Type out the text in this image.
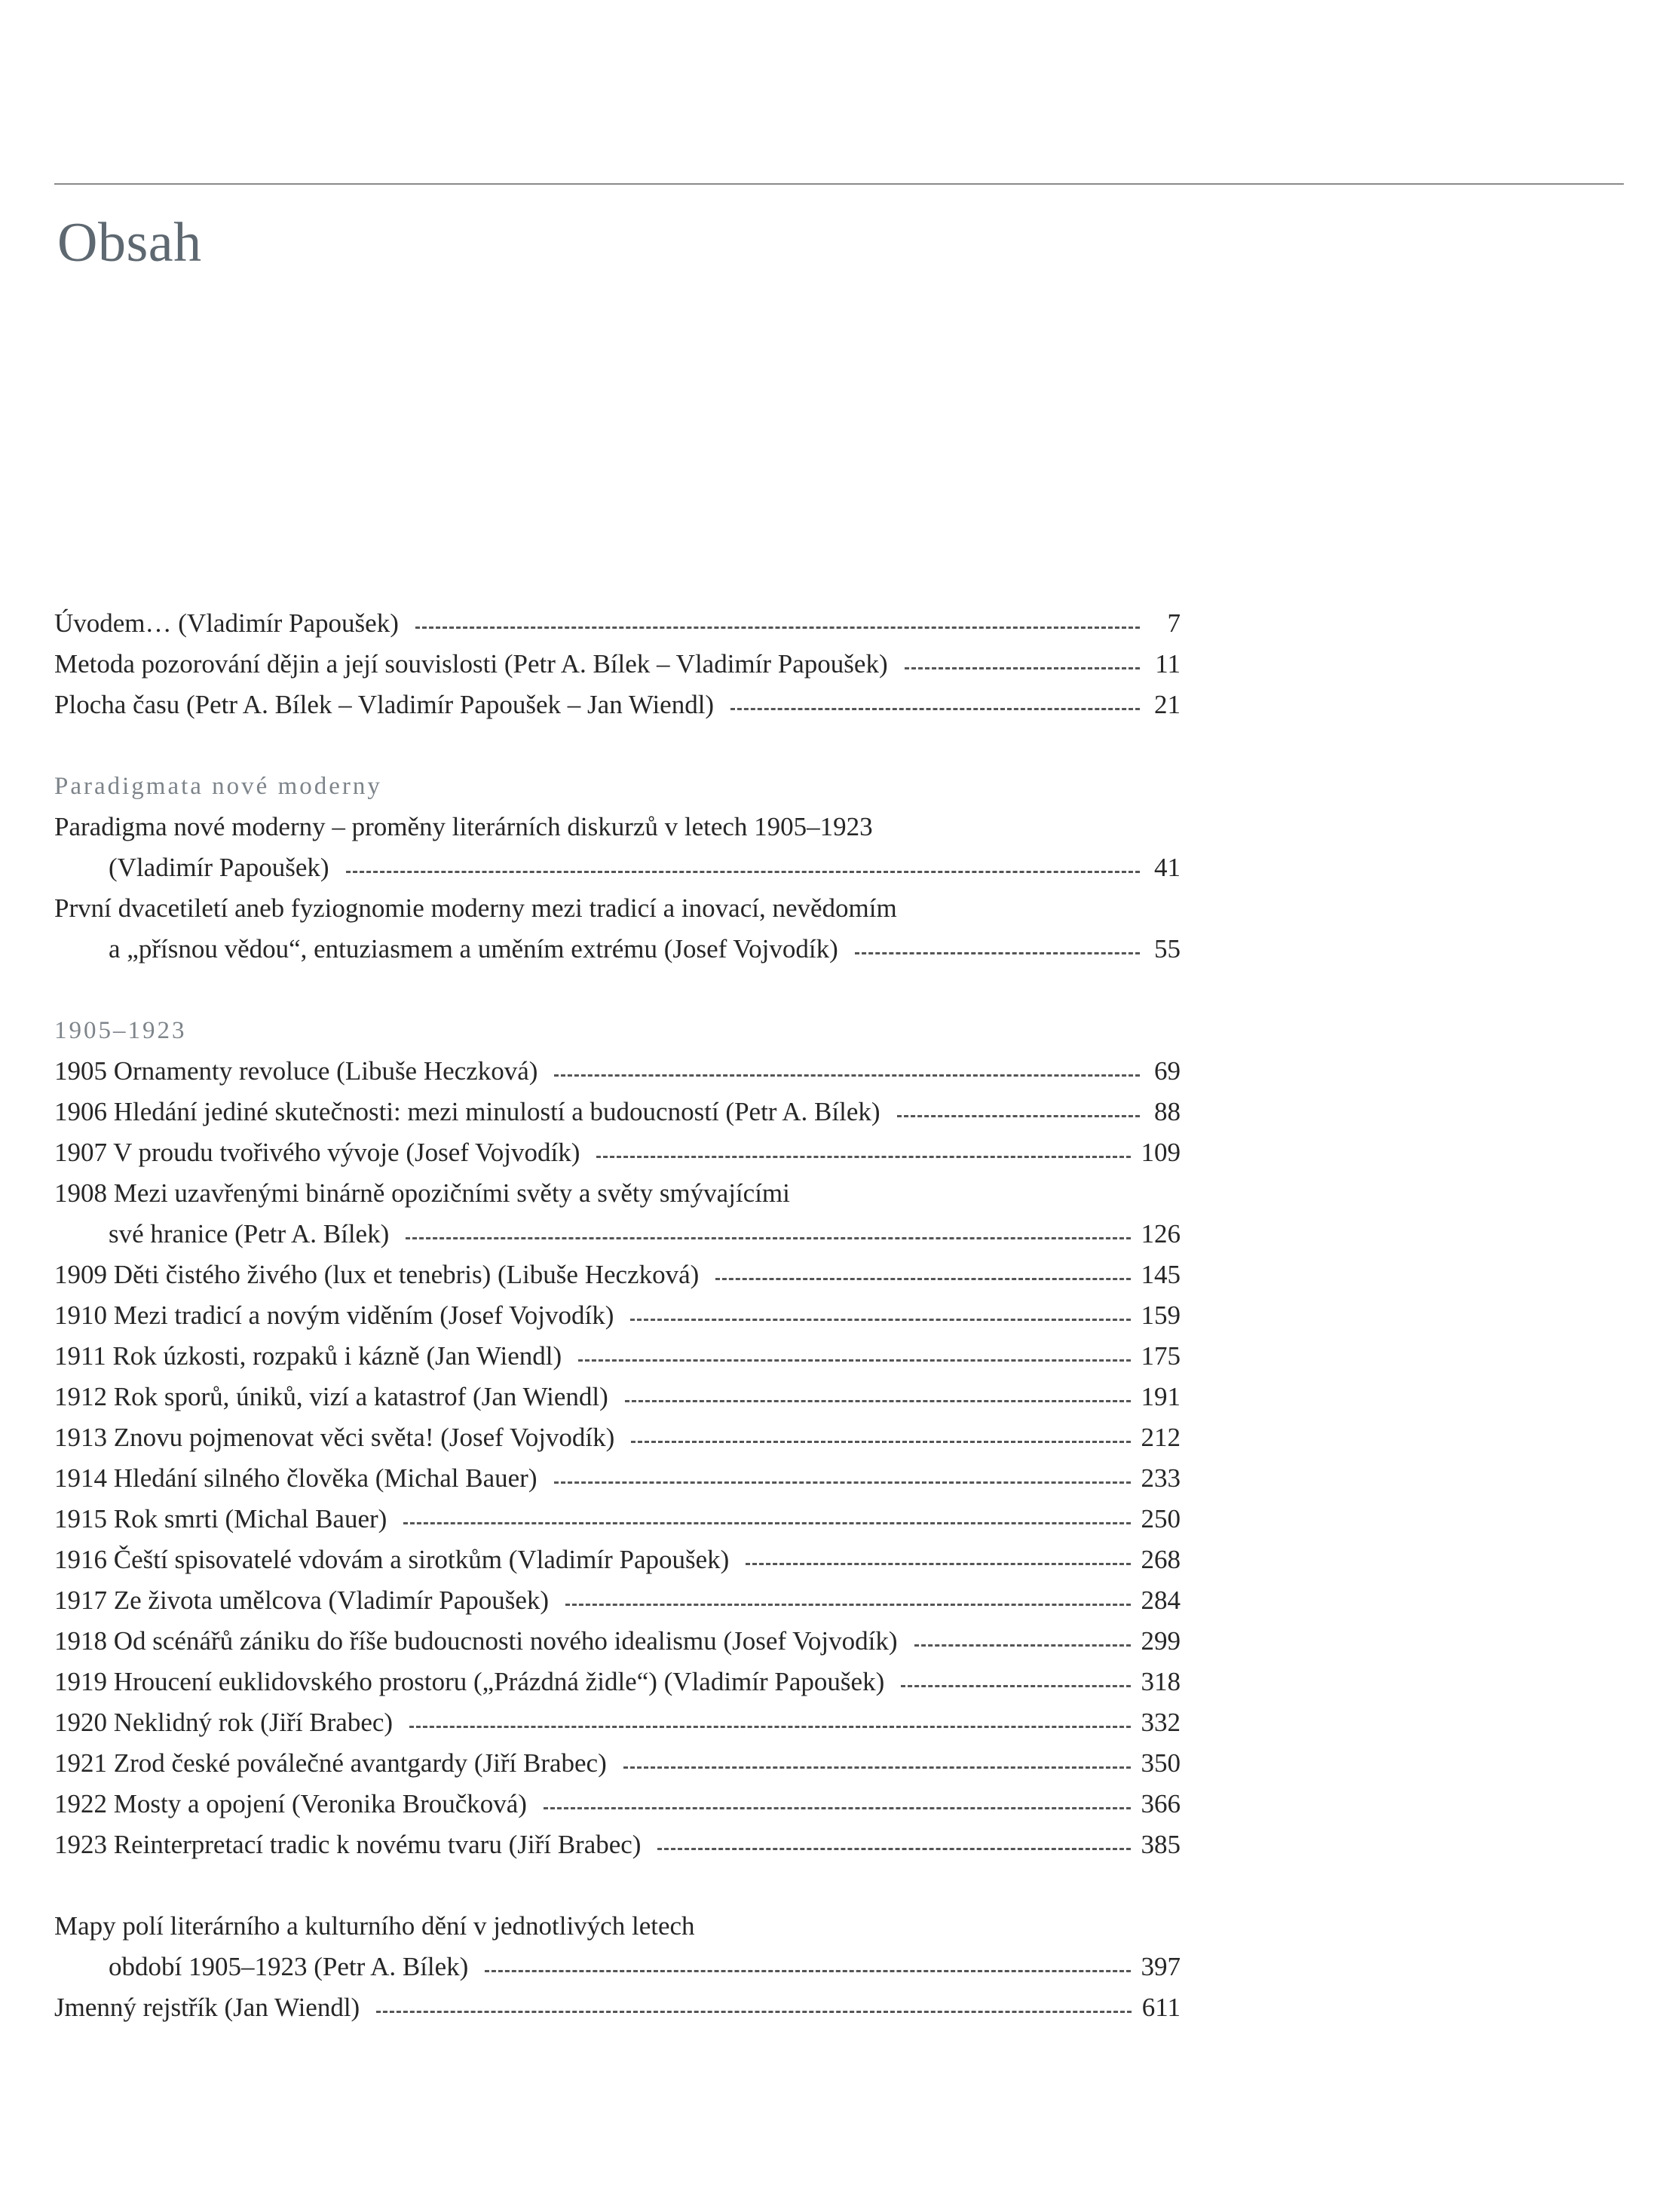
Obsah
Úvodem… (Vladimír Papoušek)	7
Metoda pozorování dějin a její souvislosti (Petr A. Bílek – Vladimír Papoušek)	11
Plocha času (Petr A. Bílek – Vladimír Papoušek – Jan Wiendl)	21
Paradigmata nové moderny
Paradigma nové moderny – proměny literárních diskurzů v letech 1905–1923
(Vladimír Papoušek)	41
První dvacetiletí aneb fyziognomie moderny mezi tradicí a inovací, nevědomím
a „přísnou vědou“, entuziasmem a uměním extrému (Josef Vojvodík)	55
1905–1923
1905 Ornamenty revoluce (Libuše Heczková)	69
1906 Hledání jediné skutečnosti: mezi minulostí a budoucností (Petr A. Bílek)	88
1907 V proudu tvořivého vývoje (Josef Vojvodík)	109
1908 Mezi uzavřenými binárně opozičními světy a světy smývajícími
své hranice (Petr A. Bílek)	126
1909 Děti čistého živého (lux et tenebris) (Libuše Heczková)	145
1910 Mezi tradicí a novým viděním (Josef Vojvodík)	159
1911 Rok úzkosti, rozpaků i kázně (Jan Wiendl)	175
1912 Rok sporů, úniků, vizí a katastrof (Jan Wiendl)	191
1913 Znovu pojmenovat věci světa! (Josef Vojvodík)	212
1914 Hledání silného člověka (Michal Bauer)	233
1915 Rok smrti (Michal Bauer)	250
1916 Čeští spisovatelé vdovám a sirotkům (Vladimír Papoušek)	268
1917 Ze života umělcova (Vladimír Papoušek)	284
1918 Od scénářů zániku do říše budoucnosti nového idealismu (Josef Vojvodík)	299
1919 Hroucení euklidovského prostoru („Prázdná židle“) (Vladimír Papoušek)	318
1920 Neklidný rok (Jiří Brabec)	332
1921 Zrod české poválečné avantgardy (Jiří Brabec)	350
1922 Mosty a opojení (Veronika Broučková)	366
1923 Reinterpretací tradic k novému tvaru (Jiří Brabec)	385
Mapy polí literárního a kulturního dění v jednotlivých letech
období 1905–1923 (Petr A. Bílek)	397
Jmenný rejstřík (Jan Wiendl)	611
